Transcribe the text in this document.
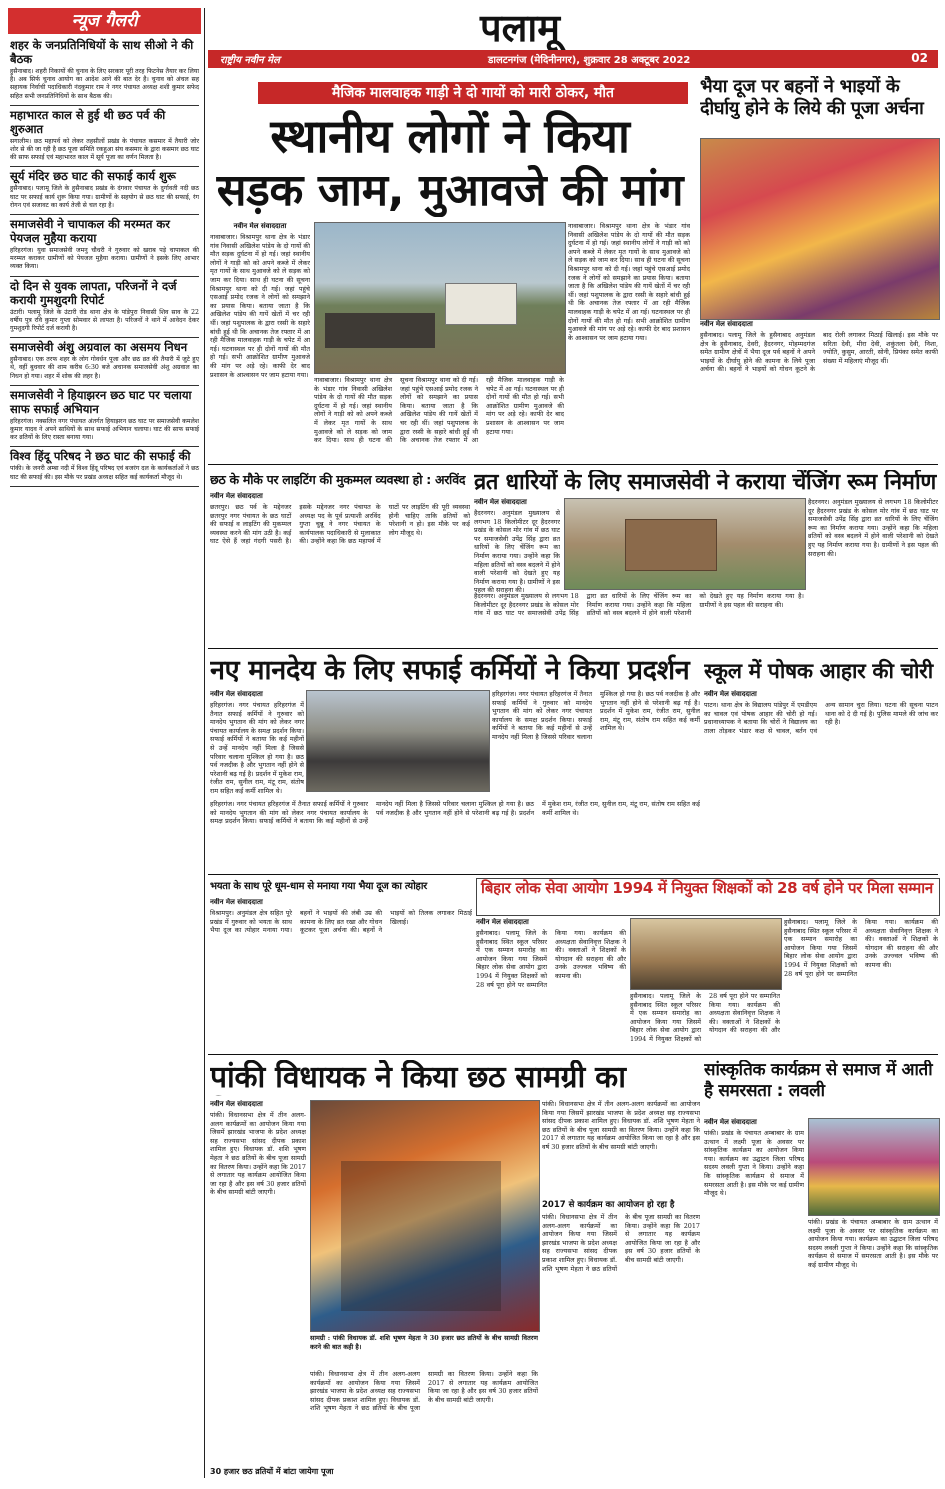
न्यूज गैलरी
शहर के जनप्रतिनिधियों के साथ सीओ ने की बैठक
हुसैनाबाद। शहरी निकायों की चुनाव के लिए सरकार पूरी तरह फिटनेस तैयार कर लिया है। अब सिर्फ चुनाव आयोग का आदेश आने की बात देर है। चुनाव को अंचल सह सहायक निर्वाची पदाधिकारी नंदकुमार राम ने नगर पंचायत अध्यक्ष शशी कुमार सफेद सहित सभी जनप्रतिनिधियों के साथ बैठक की।
महाभारत काल से हुई थी छठ पर्व की शुरुआत
सगालीम। छठ महापर्व को लेकर तहसीलों प्रखंड के पंचायत कसमार में तैयारी जोर शोर से की जा रही है छठ पूजा समिति रकहुआ संघ कसमार के द्वारा कसमार छठ घाट की साफ सफाई एवं महाभारत काल में सूर्य पूजा का वर्णन मिलता है।
सूर्य मंदिर छठ घाट की सफाई कार्य शुरू
हुसैनाबाद। पलामू जिले के हुसैनाबाद प्रखंड के दंगवार पंचायत के दुर्गावती नदी छठ घाट पर सफाई कार्य शुरू किया गया। ग्रामीणों के सहयोग से छठ घाट की सफाई, रंग रोगन एवं सजावट का कार्य तेजी से चल रहा है।
समाजसेवी ने चापाकल की मरम्मत कर पेयजल मुहैया कराया
हरिहरगंज। युवा समाजसेवी जमनु चौधरी ने गुरुवार को खराब पड़े चापाकल की मरम्मत कराकर ग्रामीणों को पेयजल मुहैया कराया। ग्रामीणों ने इसके लिए आभार व्यक्त किया।
दो दिन से युवक लापता, परिजनों ने दर्ज करायी गुमशुदगी रिपोर्ट
उंटारी। पलामू जिले के उंटारी रोड थाना क्षेत्र के पांडेपुरा निवासी शिव साव के 22 वर्षीय पुत्र रवि कुमार गुप्ता सोमवार से लापता है। परिजनों ने थाने में आवेदन देकर गुमशुदगी रिपोर्ट दर्ज करायी है।
समाजसेवी अंशु अग्रवाल का असमय निधन
हुसैनाबाद। एक तरफ शहर के लोग गोवर्धन पूजा और छठ व्रत की तैयारी में जुटे हुए थे, वहीं बुधवार की शाम करीब 6:30 बजे अचानक समाजसेवी अंशु अग्रवाल का निधन हो गया। शहर में शोक की लहर है।
समाजसेवी ने हियाझरन छठ घाट पर चलाया साफ सफाई अभियान
हरिहरगंज। नक्सलित नगर पंचायत अंतर्गत हियाझरन छठ घाट पर समाजसेवी कमलेश कुमार यादव ने अपने साथियों के साथ सफाई अभियान चलाया। घाट की साफ सफाई कर व्रतियों के लिए रास्ता बनाया गया।
विश्व हिंदू परिषद ने छठ घाट की सफाई की
पांकी। के जनरी अम्बा नदी में विश्व हिंदू परिषद एवं बजरंग दल के कार्यकर्ताओं ने छठ घाट की सफाई की। इस मौके पर प्रखंड अध्यक्ष सहित कई कार्यकर्ता मौजूद थे।
पलामू
राष्ट्रीय नवीन मेल	डालटनगंज (मेदिनीनगर), शुक्रवार 28 अक्टूबर 2022	02
मैजिक मालवाहक गाड़ी ने दो गायों को मारी ठोकर, मौत
स्थानीय लोगों ने किया
सड़क जाम, मुआवजे की मांग
नवीन मेल संवाददाता
नावाबाजार। विश्रामपुर थाना क्षेत्र के भंडार गांव निवासी अखिलेश पांडेय के दो गायों की मौत सड़क दुर्घटना में हो गई। जहां स्थानीय लोगों ने गाड़ी को को अपने कब्जे में लेकर मृत गायों के साथ मुआवजे को ले सड़क को जाम कर दिया। साथ ही घटना की सूचना विश्रामपुर थाना को दी गई। जहां पहुंचे एसआई प्रमोद रजक ने लोगों को समझाने का प्रयास किया। बताया जाता है कि अखिलेश पांडेय की गायें खेतों में चर रही थीं। जहां पशुपालक के द्वारा रस्सी के सहारे बांधी हुई थी कि अचानक तेज रफ्तार में आ रही मैजिक मालवाहक गाड़ी के चपेट में आ गई। घटनास्थल पर ही दोनों गायों की मौत हो गई। सभी आक्रोशित ग्रामीण मुआवजे की मांग पर अड़े रहे। काफी देर बाद प्रशासन के आश्वासन पर जाम हटाया गया।
नावाबाजार। विश्रामपुर थाना क्षेत्र के भंडार गांव निवासी अखिलेश पांडेय के दो गायों की मौत सड़क दुर्घटना में हो गई। जहां स्थानीय लोगों ने गाड़ी को को अपने कब्जे में लेकर मृत गायों के साथ मुआवजे को ले सड़क को जाम कर दिया। साथ ही घटना की सूचना विश्रामपुर थाना को दी गई। जहां पहुंचे एसआई प्रमोद रजक ने लोगों को समझाने का प्रयास किया। बताया जाता है कि अखिलेश पांडेय की गायें खेतों में चर रही थीं। जहां पशुपालक के द्वारा रस्सी के सहारे बांधी हुई थी कि अचानक तेज रफ्तार में आ रही मैजिक मालवाहक गाड़ी के चपेट में आ गई। घटनास्थल पर ही दोनों गायों की मौत हो गई। सभी आक्रोशित ग्रामीण मुआवजे की मांग पर अड़े रहे। काफी देर बाद प्रशासन के आश्वासन पर जाम हटाया गया।
नावाबाजार। विश्रामपुर थाना क्षेत्र के भंडार गांव निवासी अखिलेश पांडेय के दो गायों की मौत सड़क दुर्घटना में हो गई। जहां स्थानीय लोगों ने गाड़ी को को अपने कब्जे में लेकर मृत गायों के साथ मुआवजे को ले सड़क को जाम कर दिया। साथ ही घटना की सूचना विश्रामपुर थाना को दी गई। जहां पहुंचे एसआई प्रमोद रजक ने लोगों को समझाने का प्रयास किया। बताया जाता है कि अखिलेश पांडेय की गायें खेतों में चर रही थीं। जहां पशुपालक के द्वारा रस्सी के सहारे बांधी हुई थी कि अचानक तेज रफ्तार में आ रही मैजिक मालवाहक गाड़ी के चपेट में आ गई। घटनास्थल पर ही दोनों गायों की मौत हो गई। सभी आक्रोशित ग्रामीण मुआवजे की मांग पर अड़े रहे। काफी देर बाद प्रशासन के आश्वासन पर जाम हटाया गया।
भैया दूज पर बहनों ने भाइयों के दीर्घायु होने के लिये की पूजा अर्चना
नवीन मेल संवाददाता
हुसैनाबाद। पलामू जिले के हुसैनाबाद अनुमंडल क्षेत्र के हुसैनाबाद, देवरी, हैदरनगर, मोहम्मदगंज समेत ग्रामीण क्षेत्रों में भैया दूज पर्व बहनों ने अपने भाइयों के दीर्घायु होने की कामना के लिये पूजा अर्चना की। बहनों ने भाइयों को गोधन कूटने के बाद रोली लगाकर मिठाई खिलाई। इस मौके पर सरिता देवी, मीरा देवी, शकुंतला देवी, निशा, ज्योति, कुसुम, आरती, सोनी, प्रियंका समेत काफी संख्या में महिलाएं मौजूद थीं।
छठ के मौके पर लाइटिंग की मुकम्मल व्यवस्था हो : अरविंद
नवीन मेल संवाददाता
छतरपुर। छठ पर्व के मद्देनजर छतरपुर नगर पंचायत के छठ घाटों की सफाई व लाइटिंग की मुकम्मल व्यवस्था करने की मांग उठी है। कई घाट ऐसे हैं जहां गंदगी पसरी है। इसके मद्देनजर नगर पंचायत के अध्यक्ष पद के पूर्व प्रत्याशी अरविंद गुप्ता चुन्नू ने नगर पंचायत के कार्यपालक पदाधिकारी से मुलाकात की। उन्होंने कहा कि छठ महापर्व में घाटों पर लाइटिंग की पूरी व्यवस्था होनी चाहिए ताकि व्रतियों को परेशानी न हो। इस मौके पर कई लोग मौजूद थे।
व्रत धारियों के लिए समाजसेवी ने कराया चेंजिंग रूम निर्माण
नवीन मेल संवाददाता
हैदरनगर। अनुमंडल मुख्यालय से लगभग 18 किलोमीटर दूर हैदरनगर प्रखंड के कोसल मोर गांव में छठ घाट पर समाजसेवी उपेंद्र सिंह द्वारा व्रत धारियों के लिए चेंजिंग रूम का निर्माण कराया गया। उन्होंने कहा कि महिला व्रतियों को वस्त्र बदलने में होने वाली परेशानी को देखते हुए यह निर्माण कराया गया है। ग्रामीणों ने इस पहल की सराहना की।
हैदरनगर। अनुमंडल मुख्यालय से लगभग 18 किलोमीटर दूर हैदरनगर प्रखंड के कोसल मोर गांव में छठ घाट पर समाजसेवी उपेंद्र सिंह द्वारा व्रत धारियों के लिए चेंजिंग रूम का निर्माण कराया गया। उन्होंने कहा कि महिला व्रतियों को वस्त्र बदलने में होने वाली परेशानी को देखते हुए यह निर्माण कराया गया है। ग्रामीणों ने इस पहल की सराहना की।
हैदरनगर। अनुमंडल मुख्यालय से लगभग 18 किलोमीटर दूर हैदरनगर प्रखंड के कोसल मोर गांव में छठ घाट पर समाजसेवी उपेंद्र सिंह द्वारा व्रत धारियों के लिए चेंजिंग रूम का निर्माण कराया गया। उन्होंने कहा कि महिला व्रतियों को वस्त्र बदलने में होने वाली परेशानी को देखते हुए यह निर्माण कराया गया है। ग्रामीणों ने इस पहल की सराहना की।
नए मानदेय के लिए सफाई कर्मियों ने किया प्रदर्शन
नवीन मेल संवाददाता
हरिहरगंज। नगर पंचायत हरिहरगंज में तैनात सफाई कर्मियों ने गुरुवार को मानदेय भुगतान की मांग को लेकर नगर पंचायत कार्यालय के समक्ष प्रदर्शन किया। सफाई कर्मियों ने बताया कि कई महीनों से उन्हें मानदेय नहीं मिला है जिससे परिवार चलाना मुश्किल हो गया है। छठ पर्व नजदीक है और भुगतान नहीं होने से परेशानी बढ़ गई है। प्रदर्शन में मुकेश राम, रंजीत राम, सुनील राम, मंटू राम, संतोष राम सहित कई कर्मी शामिल थे।
हरिहरगंज। नगर पंचायत हरिहरगंज में तैनात सफाई कर्मियों ने गुरुवार को मानदेय भुगतान की मांग को लेकर नगर पंचायत कार्यालय के समक्ष प्रदर्शन किया। सफाई कर्मियों ने बताया कि कई महीनों से उन्हें मानदेय नहीं मिला है जिससे परिवार चलाना मुश्किल हो गया है। छठ पर्व नजदीक है और भुगतान नहीं होने से परेशानी बढ़ गई है। प्रदर्शन में मुकेश राम, रंजीत राम, सुनील राम, मंटू राम, संतोष राम सहित कई कर्मी शामिल थे।
हरिहरगंज। नगर पंचायत हरिहरगंज में तैनात सफाई कर्मियों ने गुरुवार को मानदेय भुगतान की मांग को लेकर नगर पंचायत कार्यालय के समक्ष प्रदर्शन किया। सफाई कर्मियों ने बताया कि कई महीनों से उन्हें मानदेय नहीं मिला है जिससे परिवार चलाना मुश्किल हो गया है। छठ पर्व नजदीक है और भुगतान नहीं होने से परेशानी बढ़ गई है। प्रदर्शन में मुकेश राम, रंजीत राम, सुनील राम, मंटू राम, संतोष राम सहित कई कर्मी शामिल थे।
स्कूल में पोषक आहार की चोरी
नवीन मेल संवाददाता
पाटन। थाना क्षेत्र के विद्यालय पांडेपुर में एमडीएम का चावल एवं पोषक आहार की चोरी हो गई। प्रधानाध्यापक ने बताया कि चोरों ने विद्यालय का ताला तोड़कर भंडार कक्ष से चावल, बर्तन एवं अन्य सामान चुरा लिया। घटना की सूचना पाटन थाना को दे दी गई है। पुलिस मामले की जांच कर रही है।
भयता के साथ पूरे धूम-धाम से मनाया गया भैया दूज का त्योहार
नवीन मेल संवाददाता
विश्रामपुर। अनुमंडल क्षेत्र सहित पूरे प्रखंड में गुरुवार को भयता के साथ भैया दूज का त्योहार मनाया गया। बहनों ने भाइयों की लंबी उम्र की कामना के लिए व्रत रखा और गोधन कूटकर पूजा अर्चना की। बहनों ने भाइयों को तिलक लगाकर मिठाई खिलाई।
बिहार लोक सेवा आयोग 1994 में नियुक्त शिक्षकों को 28 वर्ष होने पर मिला सम्मान
नवीन मेल संवाददाता
हुसैनाबाद। पलामू जिले के हुसैनाबाद स्थित स्कूल परिसर में एक सम्मान समारोह का आयोजन किया गया जिसमें बिहार लोक सेवा आयोग द्वारा 1994 में नियुक्त शिक्षकों को 28 वर्ष पूरा होने पर सम्मानित किया गया। कार्यक्रम की अध्यक्षता सेवानिवृत्त शिक्षक ने की। वक्ताओं ने शिक्षकों के योगदान की सराहना की और उनके उज्ज्वल भविष्य की कामना की।
हुसैनाबाद। पलामू जिले के हुसैनाबाद स्थित स्कूल परिसर में एक सम्मान समारोह का आयोजन किया गया जिसमें बिहार लोक सेवा आयोग द्वारा 1994 में नियुक्त शिक्षकों को 28 वर्ष पूरा होने पर सम्मानित किया गया। कार्यक्रम की अध्यक्षता सेवानिवृत्त शिक्षक ने की। वक्ताओं ने शिक्षकों के योगदान की सराहना की और
हुसैनाबाद। पलामू जिले के हुसैनाबाद स्थित स्कूल परिसर में एक सम्मान समारोह का आयोजन किया गया जिसमें बिहार लोक सेवा आयोग द्वारा 1994 में नियुक्त शिक्षकों को 28 वर्ष पूरा होने पर सम्मानित किया गया। कार्यक्रम की अध्यक्षता सेवानिवृत्त शिक्षक ने की। वक्ताओं ने शिक्षकों के योगदान की सराहना की और उनके उज्ज्वल भविष्य की कामना की।
पांकी विधायक ने किया छठ सामग्री का
नवीन मेल संवाददाता
पांकी। विधानसभा क्षेत्र में तीन अलग-अलग कार्यक्रमों का आयोजन किया गया जिसमें झारखंड भाजपा के प्रदेश अध्यक्ष सह राज्यसभा सांसद दीपक प्रकाश शामिल हुए। विधायक डॉ. शशि भूषण मेहता ने छठ व्रतियों के बीच पूजा सामग्री का वितरण किया। उन्होंने कहा कि 2017 से लगातार यह कार्यक्रम आयोजित किया जा रहा है और इस वर्ष 30 हजार व्रतियों के बीच सामग्री बांटी जाएगी।
सामग्री : पांकी विधायक डॉ. शशि भूषण मेहता ने 30 हजार छठ व्रतियों के बीच सामग्री वितरण करने की बात कही है।
पांकी। विधानसभा क्षेत्र में तीन अलग-अलग कार्यक्रमों का आयोजन किया गया जिसमें झारखंड भाजपा के प्रदेश अध्यक्ष सह राज्यसभा सांसद दीपक प्रकाश शामिल हुए। विधायक डॉ. शशि भूषण मेहता ने छठ व्रतियों के बीच पूजा सामग्री का वितरण किया। उन्होंने कहा कि 2017 से लगातार यह कार्यक्रम आयोजित किया जा रहा है और इस वर्ष 30 हजार व्रतियों के बीच सामग्री बांटी जाएगी।
30 हजार छठ व्रतियों में बांटा जायेगा पूजा
पांकी। विधानसभा क्षेत्र में तीन अलग-अलग कार्यक्रमों का आयोजन किया गया जिसमें झारखंड भाजपा के प्रदेश अध्यक्ष सह राज्यसभा सांसद दीपक प्रकाश शामिल हुए। विधायक डॉ. शशि भूषण मेहता ने छठ व्रतियों के बीच पूजा सामग्री का वितरण किया। उन्होंने कहा कि 2017 से लगातार यह कार्यक्रम आयोजित किया जा रहा है और इस वर्ष 30 हजार व्रतियों के बीच सामग्री बांटी जाएगी।
2017 से कार्यक्रम का आयोजन हो रहा है
पांकी। विधानसभा क्षेत्र में तीन अलग-अलग कार्यक्रमों का आयोजन किया गया जिसमें झारखंड भाजपा के प्रदेश अध्यक्ष सह राज्यसभा सांसद दीपक प्रकाश शामिल हुए। विधायक डॉ. शशि भूषण मेहता ने छठ व्रतियों के बीच पूजा सामग्री का वितरण किया। उन्होंने कहा कि 2017 से लगातार यह कार्यक्रम आयोजित किया जा रहा है और इस वर्ष 30 हजार व्रतियों के बीच सामग्री बांटी जाएगी।
सांस्कृतिक कार्यक्रम से समाज में आती है समरसता : लवली
नवीन मेल संवाददाता
पांकी। प्रखंड के पंचायत अम्बाबार के ग्राम उत्थान में लक्ष्मी पूजा के अवसर पर सांस्कृतिक कार्यक्रम का आयोजन किया गया। कार्यक्रम का उद्घाटन जिला परिषद सदस्य लवली गुप्ता ने किया। उन्होंने कहा कि सांस्कृतिक कार्यक्रम से समाज में समरसता आती है। इस मौके पर कई ग्रामीण मौजूद थे।
पांकी। प्रखंड के पंचायत अम्बाबार के ग्राम उत्थान में लक्ष्मी पूजा के अवसर पर सांस्कृतिक कार्यक्रम का आयोजन किया गया। कार्यक्रम का उद्घाटन जिला परिषद सदस्य लवली गुप्ता ने किया। उन्होंने कहा कि सांस्कृतिक कार्यक्रम से समाज में समरसता आती है। इस मौके पर कई ग्रामीण मौजूद थे।
